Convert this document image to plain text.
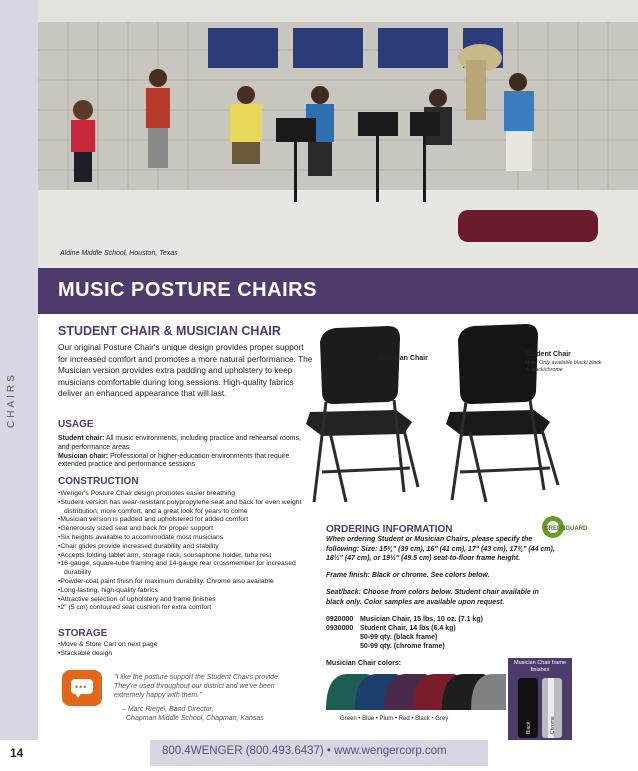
CHAIRS
Aldine Middle School, Houston, Texas
MUSIC POSTURE CHAIRS
STUDENT CHAIR & MUSICIAN CHAIR
Our original Posture Chair's unique design provides proper support for increased comfort and promotes a more natural performance. The Musician version provides extra padding and upholstery to keep musicians comfortable during long sessions. High-quality fabrics deliver an enhanced appearance that will last.
USAGE
Student chair: All music environments, including practice and rehearsal rooms, and performance areas
Musician chair: Professional or higher-education environments that require extended practice and performance sessions
CONSTRUCTION
• Wenger's Posture Chair design promotes easier breathing
• Student version has wear-resistant polypropylene seat and back for even weight distribution, more comfort, and a great look for years to come
• Musician version is padded and upholstered for added comfort
• Generously sized seat and back for proper support
• Six heights available to accommodate most musicians
• Chair glides provide increased durability and stability
• Accepts folding tablet arm, storage rack, sousaphone holder, tuba rest
• 16-gauge, square-tube framing and 14-gauge rear crossmember for increased durability
• Powder-coat paint finish for maximum durability. Chrome also available
• Long-lasting, high-quality fabrics
• Attractive selection of upholstery and frame finishes
• 2" (5 cm) contoured seat cushion for extra comfort
STORAGE
• Move & Store Cart on next page
• Stackable design
•••
"I like the posture support the Student Chairs provide. They're used throughout our district and we've been extremely happy with them."
– Marc Riegel, Band Director,
Chapman Middle School, Chapman, Kansas
Musician Chair
Student Chair
Note: Only available black/ black or black/chrome
ORDERING INFORMATION	GREENGUARD
When ordering Student or Musician Chairs, please specify the following: Size: 15¾" (39 cm), 16" (41 cm), 17" (43 cm), 17¾" (44 cm), 18½" (47 cm), or 19½" (49.5 cm) seat-to-floor frame height.
Frame finish: Black or chrome. See colors below.
Seat/back: Choose from colors below. Student chair available in black only. Color samples are available upon request.
0920000 Musician Chair, 15 lbs, 10 oz. (7.1 kg)
0930000 Student Chair, 14 lbs (6.4 kg)
50-99 qty. (black frame)
50-99 qty. (chrome frame)
Musician Chair colors:
Green • Blue • Plum • Red • Black • Grey
Musician Chair frame finishes
Black	Chrome
800.4WENGER (800.493.6437) • www.wengercorp.com
14
